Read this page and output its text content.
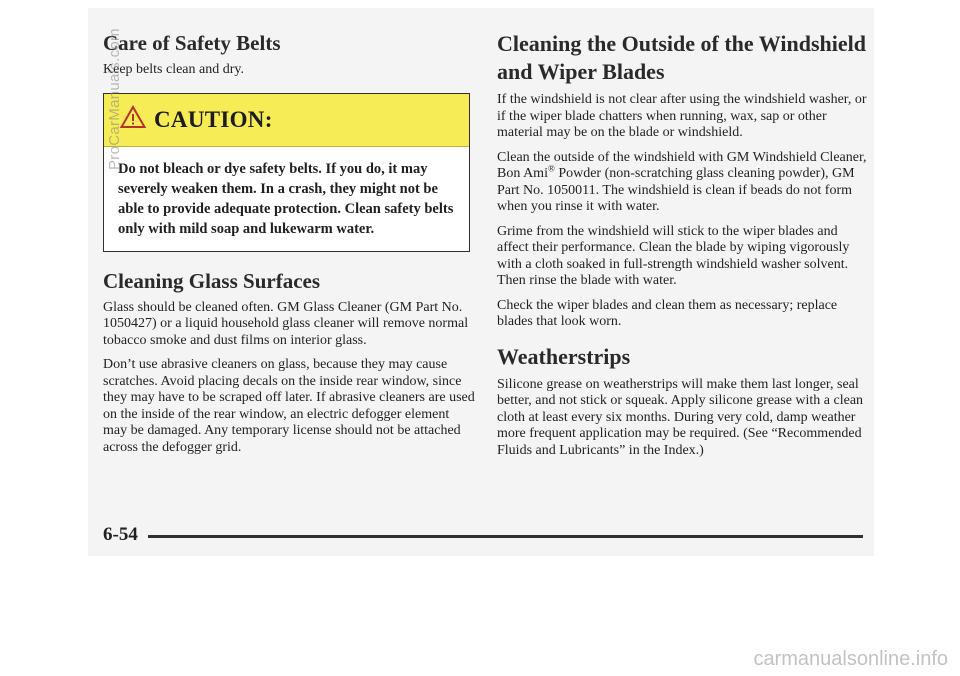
Care of Safety Belts

Keep belts clean and dry.

CAUTION:
Do not bleach or dye safety belts. If you do, it may severely weaken them. In a crash, they might not be able to provide adequate protection. Clean safety belts only with mild soap and lukewarm water.
Cleaning Glass Surfaces

Glass should be cleaned often. GM Glass Cleaner (GM Part No. 1050427) or a liquid household glass cleaner will remove normal tobacco smoke and dust films on interior glass.

Don’t use abrasive cleaners on glass, because they may cause scratches. Avoid placing decals on the inside rear window, since they may have to be scraped off later. If abrasive cleaners are used on the inside of the rear window, an electric defogger element may be damaged. Any temporary license should not be attached across the defogger grid.

Cleaning the Outside of the Windshield and Wiper Blades

If the windshield is not clear after using the windshield washer, or if the wiper blade chatters when running, wax, sap or other material may be on the blade or windshield.

Clean the outside of the windshield with GM Windshield Cleaner, Bon Ami® Powder (non-scratching glass cleaning powder), GM Part No. 1050011. The windshield is clean if beads do not form when you rinse it with water.

Grime from the windshield will stick to the wiper blades and affect their performance. Clean the blade by wiping vigorously with a cloth soaked in full-strength windshield washer solvent. Then rinse the blade with water.

Check the wiper blades and clean them as necessary; replace blades that look worn.

Weatherstrips

Silicone grease on weatherstrips will make them last longer, seal better, and not stick or squeak. Apply silicone grease with a clean cloth at least every six months. During very cold, damp weather more frequent application may be required. (See “Recommended Fluids and Lubricants” in the Index.)

6-54
ProCarManuals.com
carmanualsonline.info
